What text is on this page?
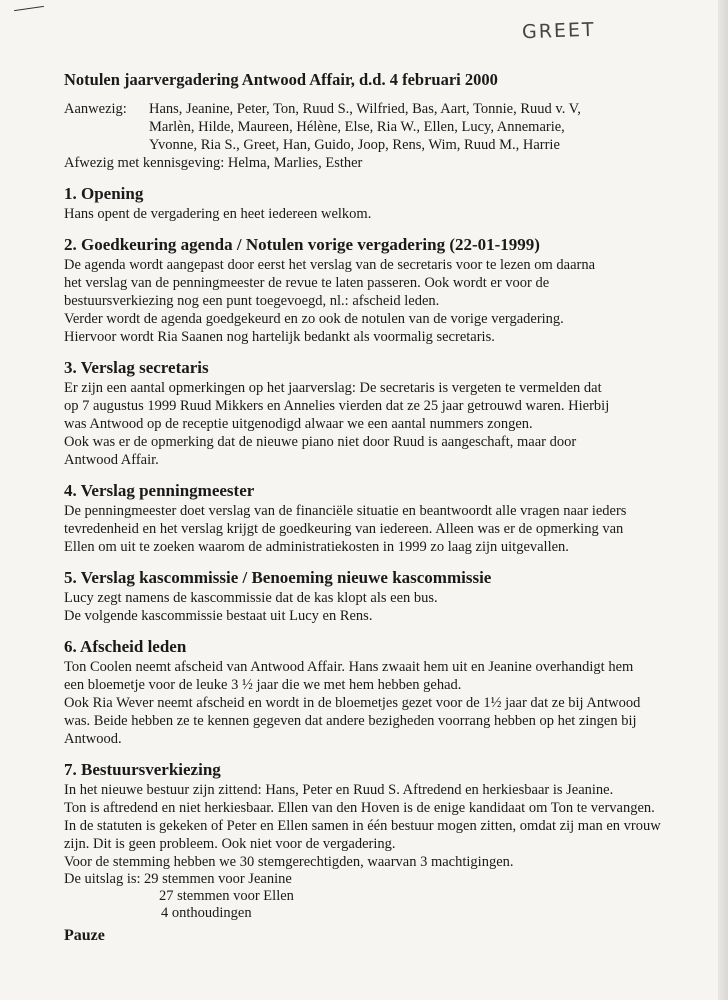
GREET
Notulen jaarvergadering Antwood Affair, d.d. 4 februari 2000
Aanwezig:	Hans, Jeanine, Peter, Ton, Ruud S., Wilfried, Bas, Aart, Tonnie, Ruud v. V,
Marlèn, Hilde, Maureen, Hélène, Else, Ria W., Ellen, Lucy, Annemarie,
Yvonne, Ria S., Greet, Han, Guido, Joop, Rens, Wim, Ruud M., Harrie
Afwezig met kennisgeving: Helma, Marlies, Esther
1. Opening

Hans opent de vergadering en heet iedereen welkom.

2. Goedkeuring agenda / Notulen vorige vergadering (22-01-1999)

De agenda wordt aangepast door eerst het verslag van de secretaris voor te lezen om daarna

het verslag van de penningmeester de revue te laten passeren. Ook wordt er voor de

bestuursverkiezing nog een punt toegevoegd, nl.: afscheid leden.

Verder wordt de agenda goedgekeurd en zo ook de notulen van de vorige vergadering.

Hiervoor wordt Ria Saanen nog hartelijk bedankt als voormalig secretaris.

3. Verslag secretaris

Er zijn een aantal opmerkingen op het jaarverslag: De secretaris is vergeten te vermelden dat

op 7 augustus 1999 Ruud Mikkers en Annelies vierden dat ze 25 jaar getrouwd waren. Hierbij

was Antwood op de receptie uitgenodigd alwaar we een aantal nummers zongen.

Ook was er de opmerking dat de nieuwe piano niet door Ruud is aangeschaft, maar door

Antwood Affair.

4. Verslag penningmeester

De penningmeester doet verslag van de financiële situatie en beantwoordt alle vragen naar ieders

tevredenheid en het verslag krijgt de goedkeuring van iedereen. Alleen was er de opmerking van

Ellen om uit te zoeken waarom de administratiekosten in 1999 zo laag zijn uitgevallen.

5. Verslag kascommissie / Benoeming nieuwe kascommissie

Lucy zegt namens de kascommissie dat de kas klopt als een bus.

De volgende kascommissie bestaat uit Lucy en Rens.

6. Afscheid leden

Ton Coolen neemt afscheid van Antwood Affair. Hans zwaait hem uit en Jeanine overhandigt hem

een bloemetje voor de leuke 3 ½ jaar die we met hem hebben gehad.

Ook Ria Wever neemt afscheid en wordt in de bloemetjes gezet voor de 1½ jaar dat ze bij Antwood

was. Beide hebben ze te kennen gegeven dat andere bezigheden voorrang hebben op het zingen bij

Antwood.

7. Bestuursverkiezing

In het nieuwe bestuur zijn zittend: Hans, Peter en Ruud S. Aftredend en herkiesbaar is Jeanine.

Ton is aftredend en niet herkiesbaar. Ellen van den Hoven is de enige kandidaat om Ton te vervangen.

In de statuten is gekeken of Peter en Ellen samen in één bestuur mogen zitten, omdat zij man en vrouw

zijn. Dit is geen probleem. Ook niet voor de vergadering.

Voor de stemming hebben we 30 stemgerechtigden, waarvan 3 machtigingen.

De uitslag is: 29 stemmen voor Jeanine
27 stemmen voor Ellen
4 onthoudingen
Pauze
